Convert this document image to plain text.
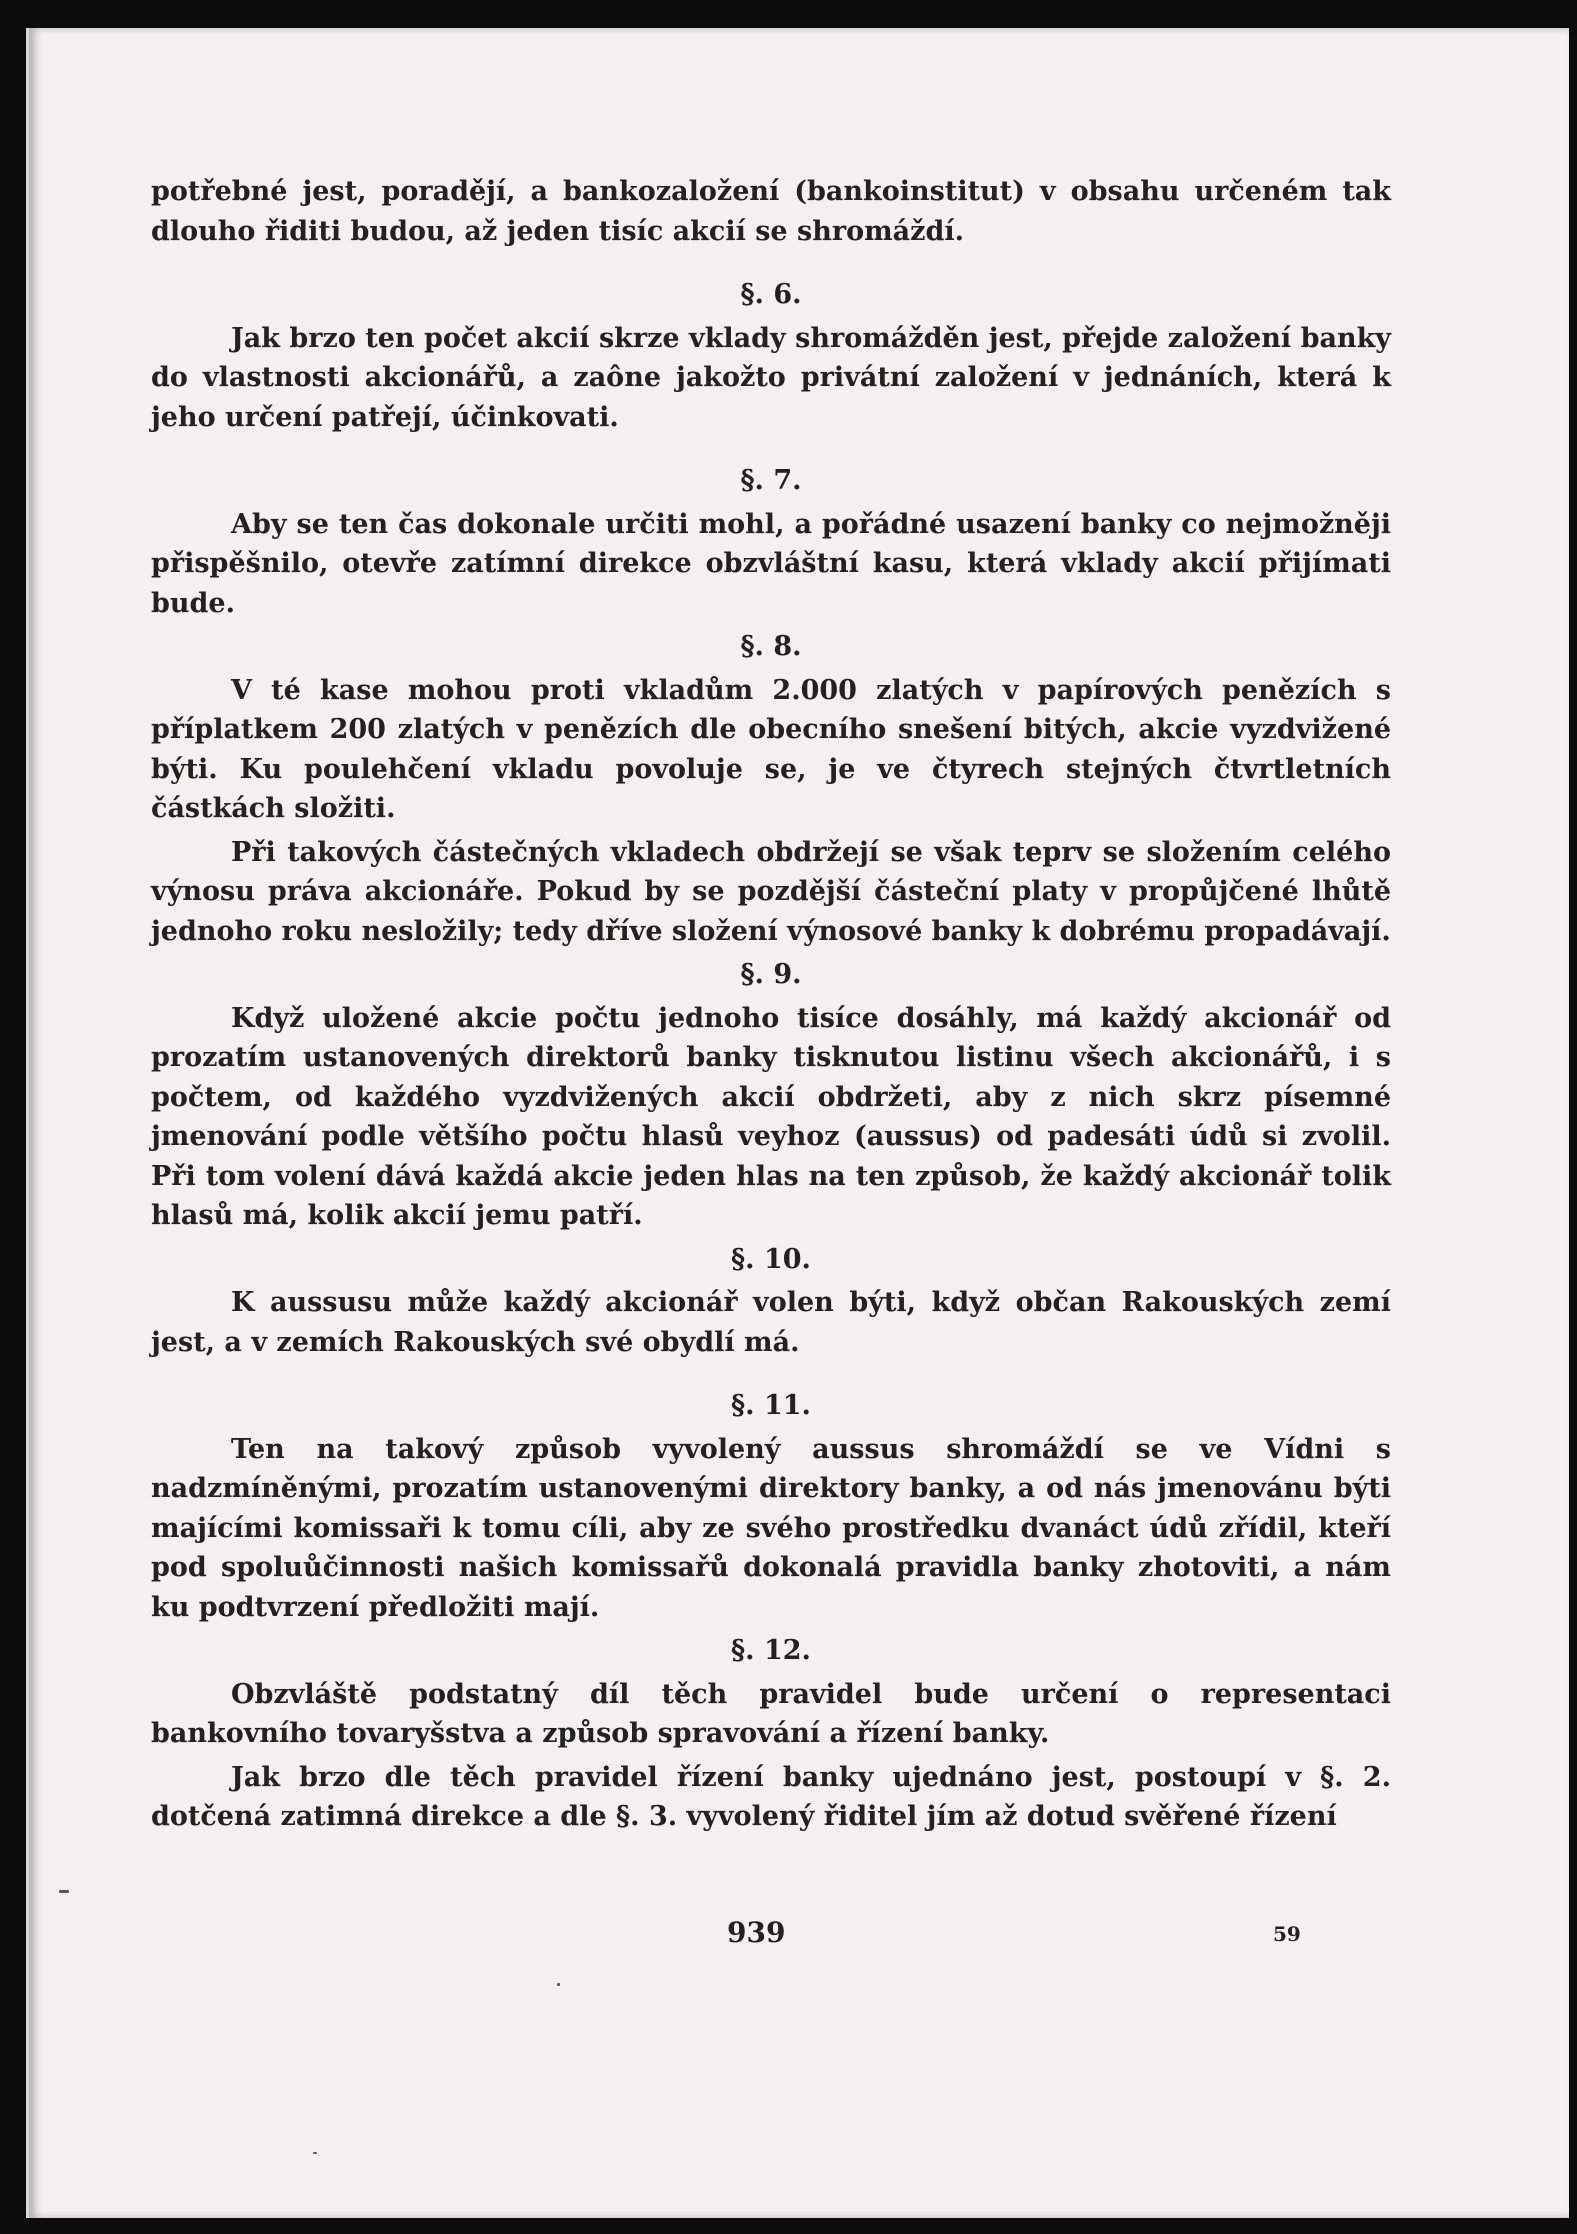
potřebné jest, poradějí, a bankozaložení (bankoinstitut) v obsahu určeném tak dlouho řiditi budou, až jeden tisíc akcií se shromáždí.

§. 6.

Jak brzo ten počet akcií skrze vklady shromážděn jest, přejde založení banky do vlastnosti akcionářů, a zaône jakožto privátní založení v jednáních, která k jeho určení patřejí, účinkovati.

§. 7.

Aby se ten čas dokonale určiti mohl, a pořádné usazení banky co nejmožněji přispěšnilo, otevře zatímní direkce obzvláštní kasu, která vklady akcií přijímati bude.

§. 8.

V té kase mohou proti vkladům 2.000 zlatých v papírových penězích s příplatkem 200 zlatých v penězích dle obecního snešení bitých, akcie vyzdvižené býti. Ku poulehčení vkladu povoluje se, je ve čtyrech stejných čtvrtletních částkách složiti.

Při takových částečných vkladech obdržejí se však teprv se složením celého výnosu práva akcionáře. Pokud by se pozdější částeční platy v propůjčené lhůtě jednoho roku nesložily; tedy dříve složení výnosové banky k dobrému propadávají.

§. 9.

Když uložené akcie počtu jednoho tisíce dosáhly, má každý akcionář od prozatím ustanovených direktorů banky tisknutou listinu všech akcionářů, i s počtem, od každého vyzdvižených akcií obdržeti, aby z nich skrz písemné jmenování podle většího počtu hlasů veyhoz (aussus) od padesáti údů si zvolil. Při tom volení dává každá akcie jeden hlas na ten způsob, že každý akcionář tolik hlasů má, kolik akcií jemu patří.

§. 10.

K aussusu může každý akcionář volen býti, když občan Rakouských zemí jest, a v zemích Rakouských své obydlí má.

§. 11.

Ten na takový způsob vyvolený aussus shromáždí se ve Vídni s nadzmíněnými, prozatím ustanovenými direktory banky, a od nás jmenovánu býti majícími komissaři k tomu cíli, aby ze svého prostředku dvanáct údů zřídil, kteří pod spoluůčinnosti našich komissařů dokonalá pravidla banky zhotoviti, a nám ku podtvrzení předložiti mají.

§. 12.

Obzvláště podstatný díl těch pravidel bude určení o representaci bankovního tovaryšstva a způsob spravování a řízení banky.

Jak brzo dle těch pravidel řízení banky ujednáno jest, postoupí v §. 2. dotčená zatimná direkce a dle §. 3. vyvolený řiditel jím až dotud svěřené řízení

939	59
